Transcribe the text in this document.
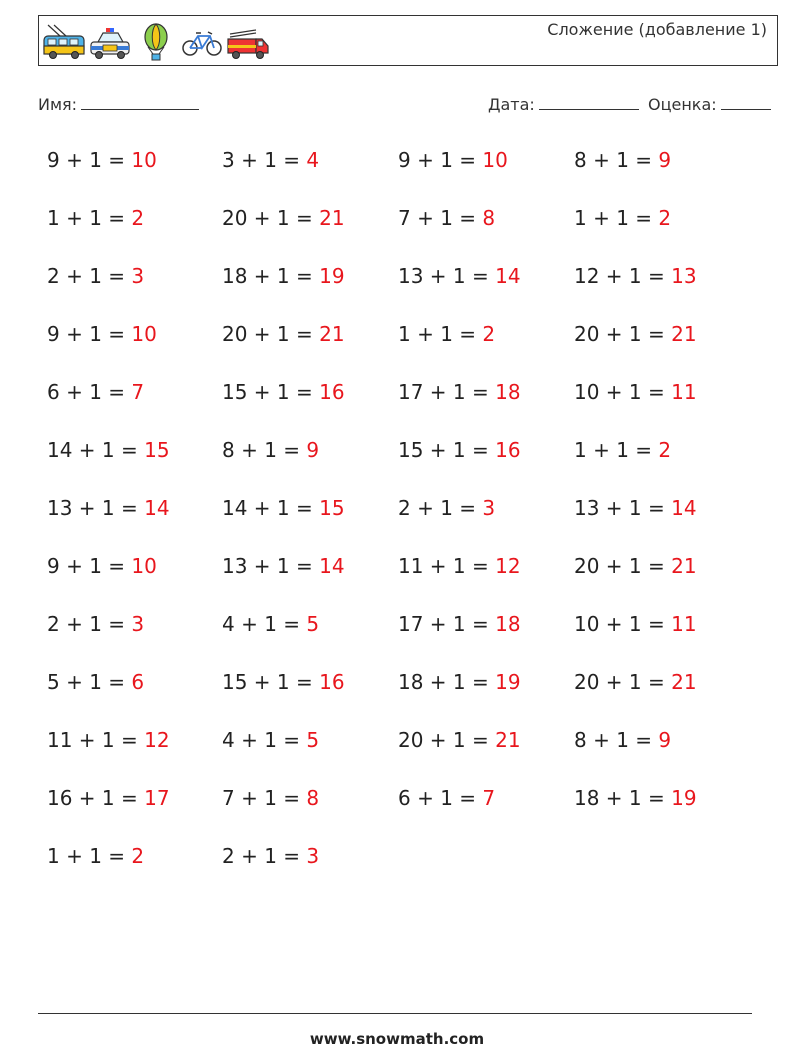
Сложение (добавление 1)
Имя:	Дата:	Оценка:
9 + 1 = 10	3 + 1 = 4	9 + 1 = 10	8 + 1 = 9
1 + 1 = 2	20 + 1 = 21	7 + 1 = 8	1 + 1 = 2
2 + 1 = 3	18 + 1 = 19	13 + 1 = 14	12 + 1 = 13
9 + 1 = 10	20 + 1 = 21	1 + 1 = 2	20 + 1 = 21
6 + 1 = 7	15 + 1 = 16	17 + 1 = 18	10 + 1 = 11
14 + 1 = 15	8 + 1 = 9	15 + 1 = 16	1 + 1 = 2
13 + 1 = 14	14 + 1 = 15	2 + 1 = 3	13 + 1 = 14
9 + 1 = 10	13 + 1 = 14	11 + 1 = 12	20 + 1 = 21
2 + 1 = 3	4 + 1 = 5	17 + 1 = 18	10 + 1 = 11
5 + 1 = 6	15 + 1 = 16	18 + 1 = 19	20 + 1 = 21
11 + 1 = 12	4 + 1 = 5	20 + 1 = 21	8 + 1 = 9
16 + 1 = 17	7 + 1 = 8	6 + 1 = 7	18 + 1 = 19
1 + 1 = 2	2 + 1 = 3
www.snowmath.com
